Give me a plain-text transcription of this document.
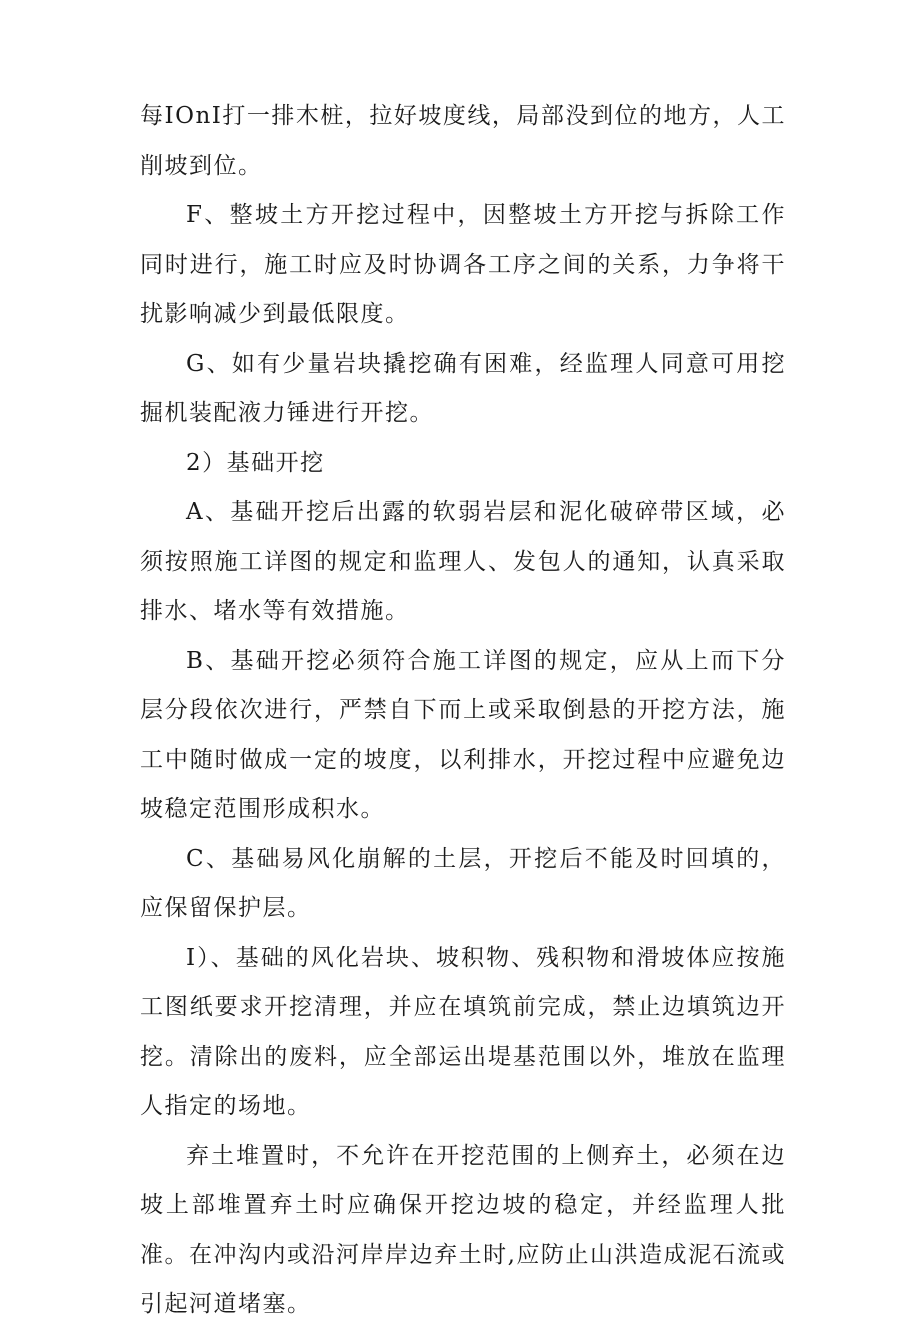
每IOnI打一排木桩，拉好坡度线，局部没到位的地方，人工削坡到位。

F、整坡土方开挖过程中，因整坡土方开挖与拆除工作同时进行，施工时应及时协调各工序之间的关系，力争将干扰影响减少到最低限度。

G、如有少量岩块撬挖确有困难，经监理人同意可用挖掘机装配液力锤进行开挖。

2）基础开挖

A、基础开挖后出露的软弱岩层和泥化破碎带区域，必须按照施工详图的规定和监理人、发包人的通知，认真采取排水、堵水等有效措施。

B、基础开挖必须符合施工详图的规定，应从上而下分层分段依次进行，严禁自下而上或采取倒悬的开挖方法，施工中随时做成一定的坡度，以利排水，开挖过程中应避免边坡稳定范围形成积水。

C、基础易风化崩解的土层，开挖后不能及时回填的，应保留保护层。

I）、基础的风化岩块、坡积物、残积物和滑坡体应按施工图纸要求开挖清理，并应在填筑前完成，禁止边填筑边开挖。清除出的废料，应全部运出堤基范围以外，堆放在监理人指定的场地。

弃土堆置时，不允许在开挖范围的上侧弃土，必须在边坡上部堆置弃土时应确保开挖边坡的稳定，并经监理人批准。在冲沟内或沿河岸岸边弃土时,应防止山洪造成泥石流或引起河道堵塞。
